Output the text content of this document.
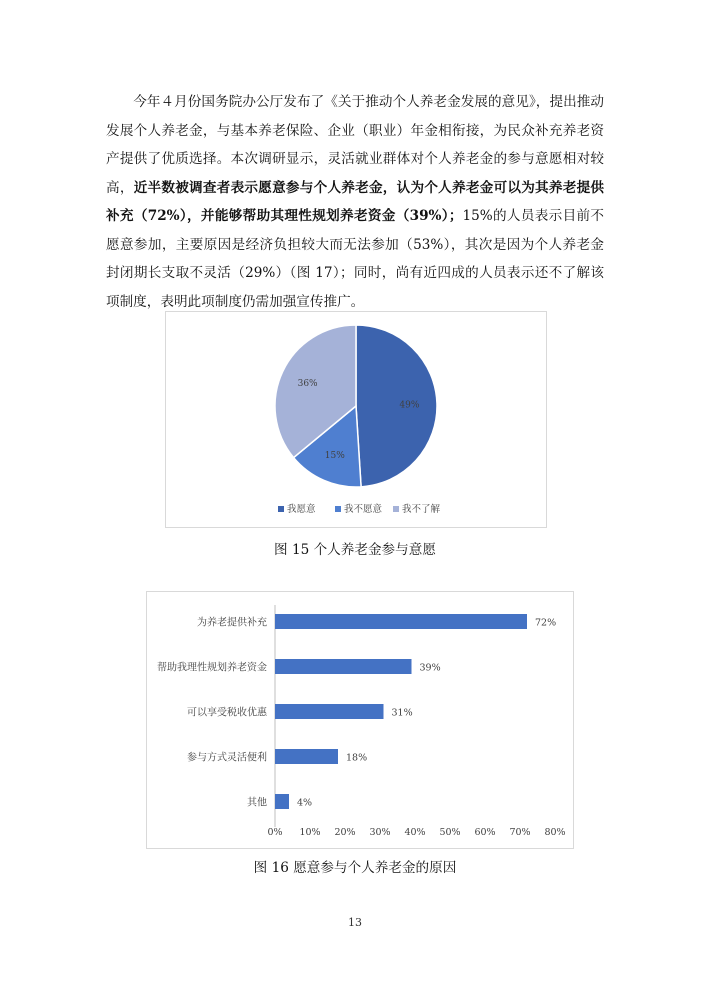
今年４月份国务院办公厅发布了《关于推动个人养老金发展的意见》，提出推动发展个人养老金，与基本养老保险、企业（职业）年金相衔接，为民众补充养老资产提供了优质选择。本次调研显示，灵活就业群体对个人养老金的参与意愿相对较高，近半数被调查者表示愿意参与个人养老金，认为个人养老金可以为其养老提供补充（72%），并能够帮助其理性规划养老资金（39%）；15%的人员表示目前不愿意参加，主要原因是经济负担较大而无法参加（53%），其次是因为个人养老金封闭期长支取不灵活（29%）（图 17）；同时，尚有近四成的人员表示还不了解该项制度，表明此项制度仍需加强宣传推广。

49%
15%
36%
我愿意	我不愿意 我不了解
图 15 个人养老金参与意愿
为养老提供补充	72%
帮助我理性规划养老资金	39%
可以享受税收优惠	31%
参与方式灵活便利	18%
其他	4%
0% 10% 20% 30% 40% 50% 60% 70% 80%
图 16 愿意参与个人养老金的原因
13
